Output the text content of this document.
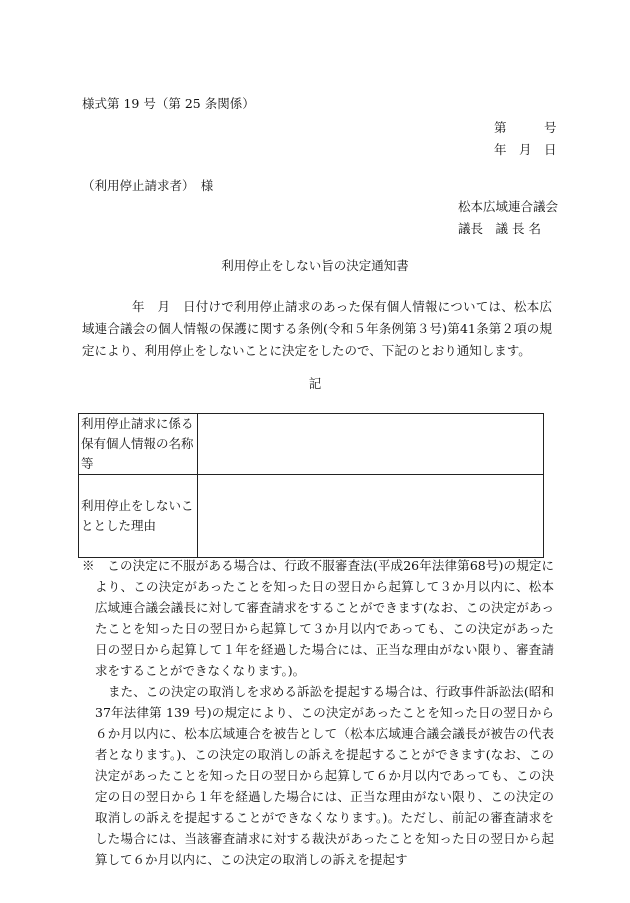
様式第 19 号（第 25 条関係）
第　　　号
年　月　日
（利用停止請求者）　様
松本広域連合議会
議長　議 長 名
利用停止をしない旨の決定通知書
年　月　日付けで利用停止請求のあった保有個人情報については、松本広域連合議会の個人情報の保護に関する条例(令和５年条例第３号)第41条第２項の規定により、利用停止をしないことに決定をしたので、下記のとおり通知します。
記
利用停止請求に係る保有個人情報の名称等	
利用停止をしないこととした理由	

※　この決定に不服がある場合は、行政不服審査法(平成26年法律第68号)の規定により、この決定があったことを知った日の翌日から起算して３か月以内に、松本広域連合議会議長に対して審査請求をすることができます(なお、この決定があったことを知った日の翌日から起算して３か月以内であっても、この決定があった日の翌日から起算して１年を経過した場合には、正当な理由がない限り、審査請求をすることができなくなります。)。

また、この決定の取消しを求める訴訟を提起する場合は、行政事件訴訟法(昭和37年法律第 139 号)の規定により、この決定があったことを知った日の翌日から６か月以内に、松本広域連合を被告として（松本広域連合議会議長が被告の代表者となります。)、この決定の取消しの訴えを提起することができます(なお、この決定があったことを知った日の翌日から起算して６か月以内であっても、この決定の日の翌日から１年を経過した場合には、正当な理由がない限り、この決定の取消しの訴えを提起することができなくなります。)。ただし、前記の審査請求をした場合には、当該審査請求に対する裁決があったことを知った日の翌日から起算して６か月以内に、この決定の取消しの訴えを提起す
